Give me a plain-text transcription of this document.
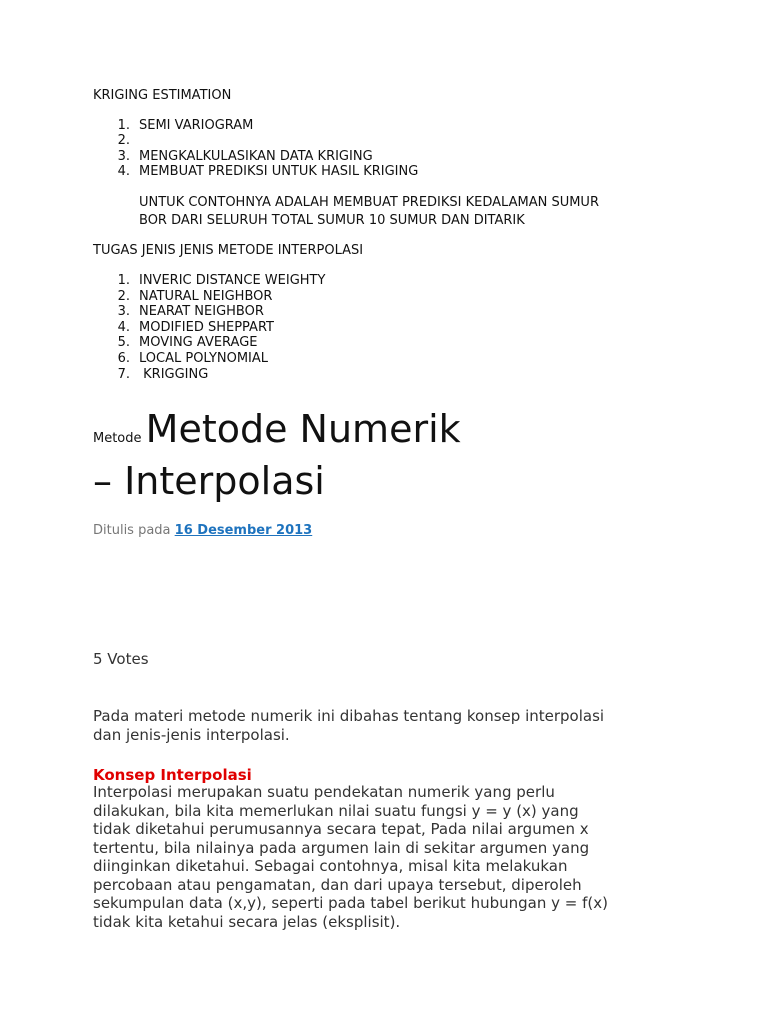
KRIGING ESTIMATION
1. SEMI VARIOGRAM
2.
3. MENGKALKULASIKAN DATA KRIGING
4. MEMBUAT PREDIKSI UNTUK HASIL KRIGING
UNTUK CONTOHNYA ADALAH MEMBUAT PREDIKSI KEDALAMAN SUMUR
BOR DARI SELURUH TOTAL SUMUR 10 SUMUR DAN DITARIK
TUGAS JENIS JENIS METODE INTERPOLASI
1. INVERIC DISTANCE WEIGHTY
2. NATURAL NEIGHBOR
3. NEARAT NEIGHBOR
4. MODIFIED SHEPPART
5. MOVING AVERAGE
6. LOCAL POLYNOMIAL
7. KRIGGING
Metode Metode Numerik
– Interpolasi
Ditulis pada 16 Desember 2013
5 Votes
Pada materi metode numerik ini dibahas tentang konsep interpolasi
dan jenis-jenis interpolasi.
Konsep Interpolasi
Interpolasi merupakan suatu pendekatan numerik yang perlu
dilakukan, bila kita memerlukan nilai suatu fungsi y = y (x) yang
tidak diketahui perumusannya secara tepat, Pada nilai argumen x
tertentu, bila nilainya pada argumen lain di sekitar argumen yang
diinginkan diketahui. Sebagai contohnya, misal kita melakukan
percobaan atau pengamatan, dan dari upaya tersebut, diperoleh
sekumpulan data (x,y), seperti pada tabel berikut hubungan y = f(x)
tidak kita ketahui secara jelas (eksplisit).
